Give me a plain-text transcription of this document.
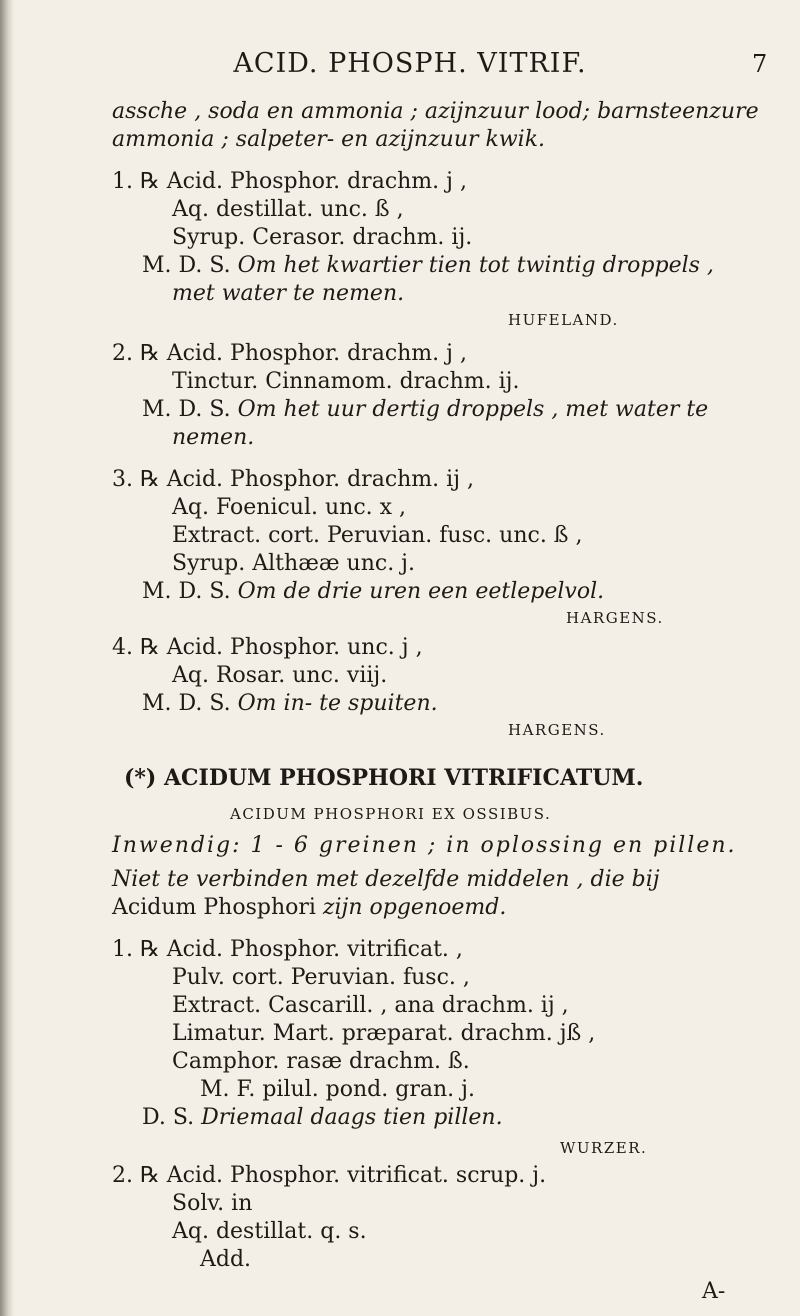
ACID. PHOSPH. VITRIF.	7
assche , soda en ammonia ; azijnzuur lood; barnsteenzure
ammonia ; salpeter- en azijnzuur kwik.
1. ℞ Acid. Phosphor. drachm. j ,
Aq. destillat. unc. ß ,
Syrup. Cerasor. drachm. ij.
M. D. S. Om het kwartier tien tot twintig droppels ,
met water te nemen.
HUFELAND.
2. ℞ Acid. Phosphor. drachm. j ,
Tinctur. Cinnamom. drachm. ij.
M. D. S. Om het uur dertig droppels , met water te
nemen.
3. ℞ Acid. Phosphor. drachm. ij ,
Aq. Foenicul. unc. x ,
Extract. cort. Peruvian. fusc. unc. ß ,
Syrup. Althææ unc. j.
M. D. S. Om de drie uren een eetlepelvol.
HARGENS.
4. ℞ Acid. Phosphor. unc. j ,
Aq. Rosar. unc. viij.
M. D. S. Om in- te spuiten.
HARGENS.
(*) ACIDUM PHOSPHORI VITRIFICATUM.
ACIDUM PHOSPHORI EX OSSIBUS.
Inwendig: 1 - 6 greinen ; in oplossing en pillen.
Niet te verbinden met dezelfde middelen , die bij
Acidum Phosphori zijn opgenoemd.
1. ℞ Acid. Phosphor. vitrificat. ,
Pulv. cort. Peruvian. fusc. ,
Extract. Cascarill. , ana drachm. ij ,
Limatur. Mart. præparat. drachm. jß ,
Camphor. rasæ drachm. ß.
M. F. pilul. pond. gran. j.
D. S. Driemaal daags tien pillen.
WURZER.
2. ℞ Acid. Phosphor. vitrificat. scrup. j.
Solv. in
Aq. destillat. q. s.
Add.
A-
